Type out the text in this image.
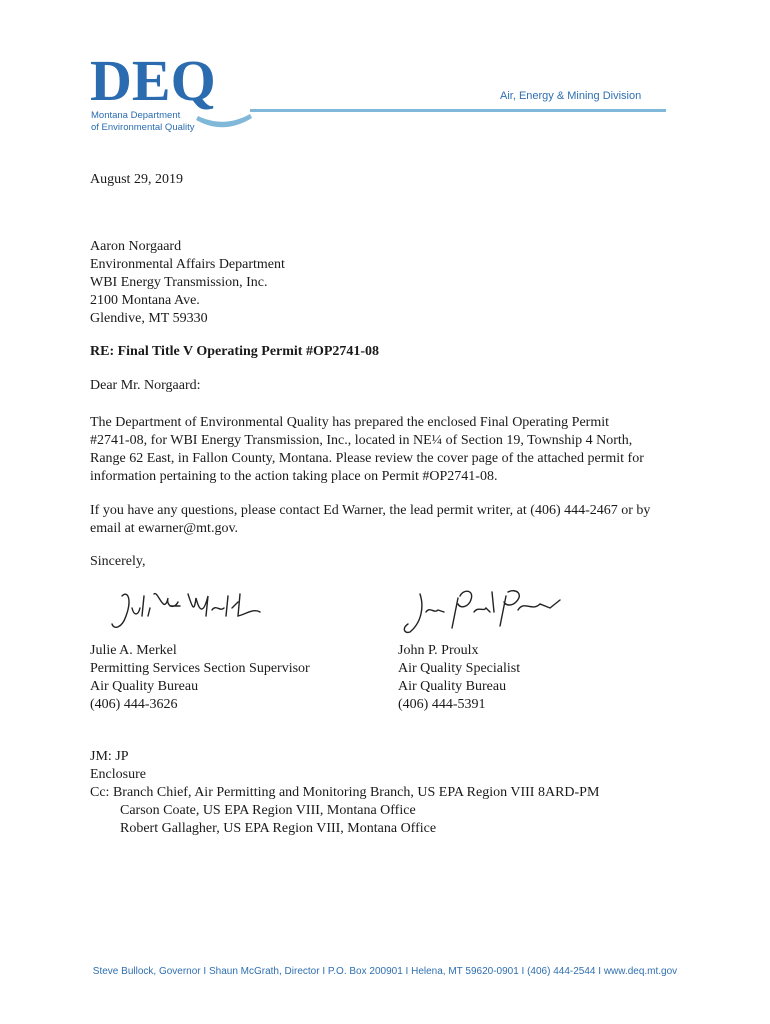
DEQ
Montana Department
of Environmental Quality
Air, Energy & Mining Division
August 29, 2019
Aaron Norgaard
Environmental Affairs Department
WBI Energy Transmission, Inc.
2100 Montana Ave.
Glendive, MT 59330
RE: Final Title V Operating Permit #OP2741-08
Dear Mr. Norgaard:
The Department of Environmental Quality has prepared the enclosed Final Operating Permit
#2741-08, for WBI Energy Transmission, Inc., located in NE¼ of Section 19, Township 4 North,
Range 62 East, in Fallon County, Montana. Please review the cover page of the attached permit for
information pertaining to the action taking place on Permit #OP2741-08.
If you have any questions, please contact Ed Warner, the lead permit writer, at (406) 444-2467 or by
email at ewarner@mt.gov.
Sincerely,
Julie A. Merkel
Permitting Services Section Supervisor
Air Quality Bureau
(406) 444-3626
John P. Proulx
Air Quality Specialist
Air Quality Bureau
(406) 444-5391
JM: JP
Enclosure
Cc: Branch Chief, Air Permitting and Monitoring Branch, US EPA Region VIII 8ARD-PM
Carson Coate, US EPA Region VIII, Montana Office
Robert Gallagher, US EPA Region VIII, Montana Office
Steve Bullock, Governor I Shaun McGrath, Director I P.O. Box 200901 I Helena, MT 59620-0901 I (406) 444-2544 I www.deq.mt.gov
